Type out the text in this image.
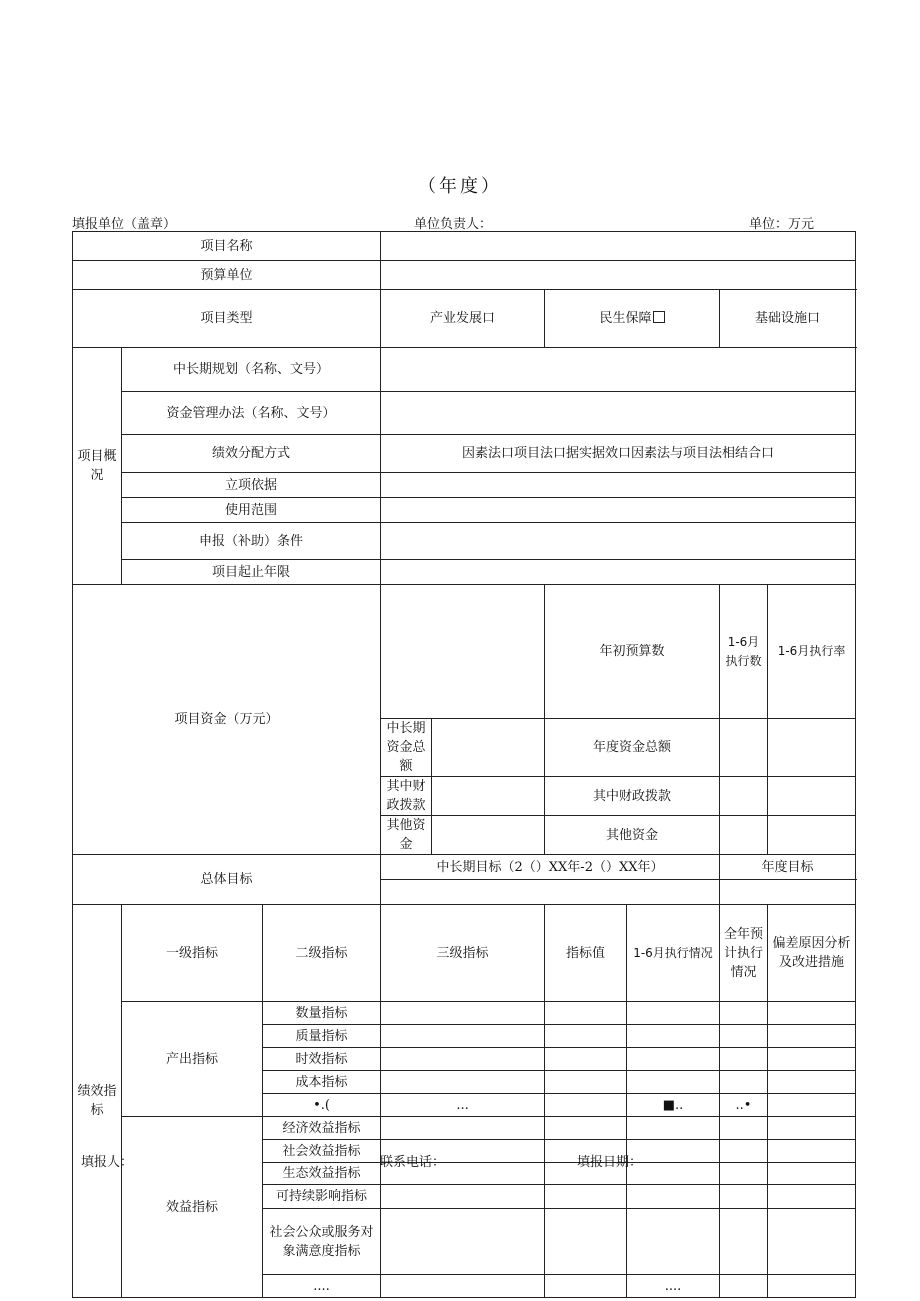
（年度）
填报单位（盖章）	单位负责人：	单位：万元
项目名称									
预算单位									
项目类型			产业发展口		民生保障		基础设施口	
项目概况	中长期规划（名称、文号）								
	资金管理办法（名称、文号）								
	绩效分配方式		因素法口项目法口据实据效口因素法与项目法相结合口						
	立项依据								
	使用范围								
	申报（补助）条件								
	项目起止年限								
项目资金（万元）					年初预算数		1-6月执行数	1-6月执行率	
			中长期资金总额		年度资金总额				
			其中财政拨款		其中财政拨款				
			其他资金		其他资金				
总体目标			中长期目标（2（）XX年-2（）XX年）				年度目标		

绩效指标	一级指标	二级指标	三级指标		指标值	1-6月执行情况	全年预计执行情况	偏差原因分析及改进措施	
	产出指标	数量指标							
		质量指标							
		时效指标							
		成本指标							
		•.(	...			■..	..•		
	效益指标	经济效益指标							
		社会效益指标							
		生态效益指标							
		可持续影响指标							
		社会公众或服务对象满意度指标							
		....				....			
填报人：	联系电话：	填报日期：
